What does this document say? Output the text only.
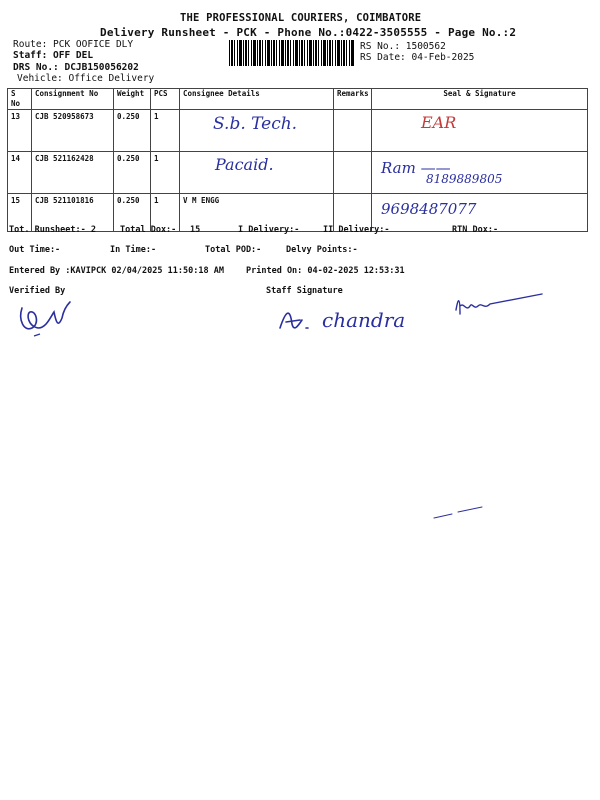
THE PROFESSIONAL COURIERS, COIMBATORE
Delivery Runsheet - PCK - Phone No.:0422-3505555 - Page No.:2
Route: PCK OOFICE DLY
Staff: OFF DEL
DRS No.: DCJB150056202
Vehicle: Office Delivery
RS No.: 1500562
RS Date: 04-Feb-2025
S No	Consignment No	Weight	PCS	Consignee Details	Remarks	Seal & Signature
13	CJB 520958673	0.250	1	S.b. Tech.		EAR

14	CJB 521162428	0.250	1	Pacaid.		Ram ——
8189889805

15	CJB 521101816	0.250	1	V M ENGG		9698487077
Tot. Runsheet:- 2	Total Dox:- 15	I Delivery:-	II Delivery:-	RTN Dox:-
Out Time:-	In Time:-	Total POD:-	Delvy Points:-
Entered By :KAVIPCK 02/04/2025 11:50:18 AM	Printed On: 04-02-2025 12:53:31
Verified By	Staff Signature
chandra
